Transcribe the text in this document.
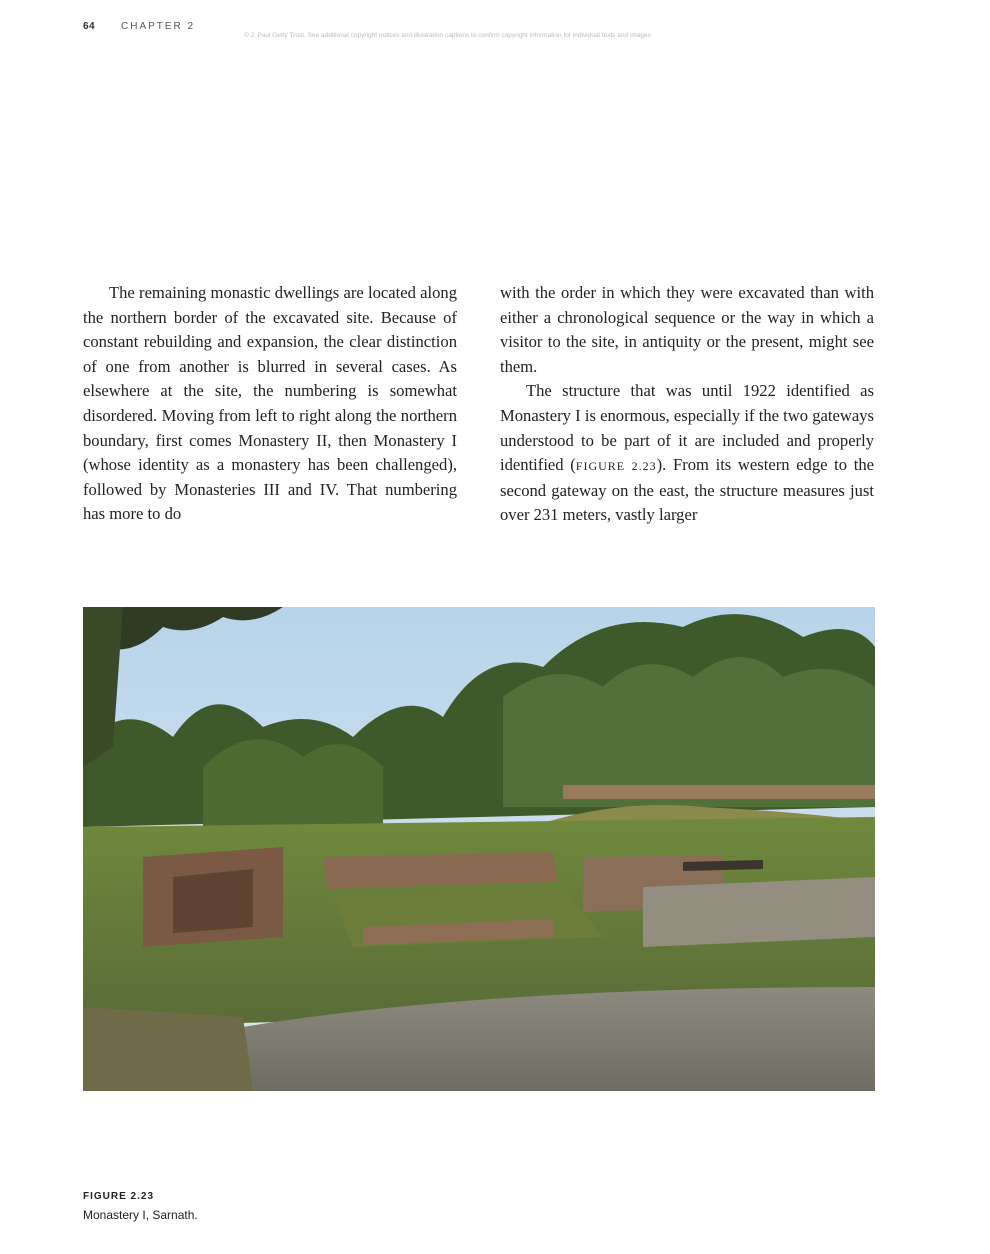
64	CHAPTER 2
© J. Paul Getty Trust. See additional copyright notices and illustration captions to confirm copyright information for individual texts and images

The remaining monastic dwellings are located along the northern border of the excavated site. Because of constant rebuilding and expansion, the clear distinction of one from another is blurred in several cases. As elsewhere at the site, the numbering is somewhat disordered. Moving from left to right along the northern boundary, first comes Monastery II, then Monastery I (whose identity as a monastery has been challenged), followed by Monasteries III and IV. That numbering has more to do

with the order in which they were excavated than with either a chronological sequence or the way in which a visitor to the site, in antiquity or the present, might see them.

The structure that was until 1922 identified as Monastery I is enormous, especially if the two gateways understood to be part of it are included and properly identified (FIGURE 2.23). From its western edge to the second gateway on the east, the structure measures just over 231 meters, vastly larger

FIGURE 2.23
Monastery I, Sarnath.
